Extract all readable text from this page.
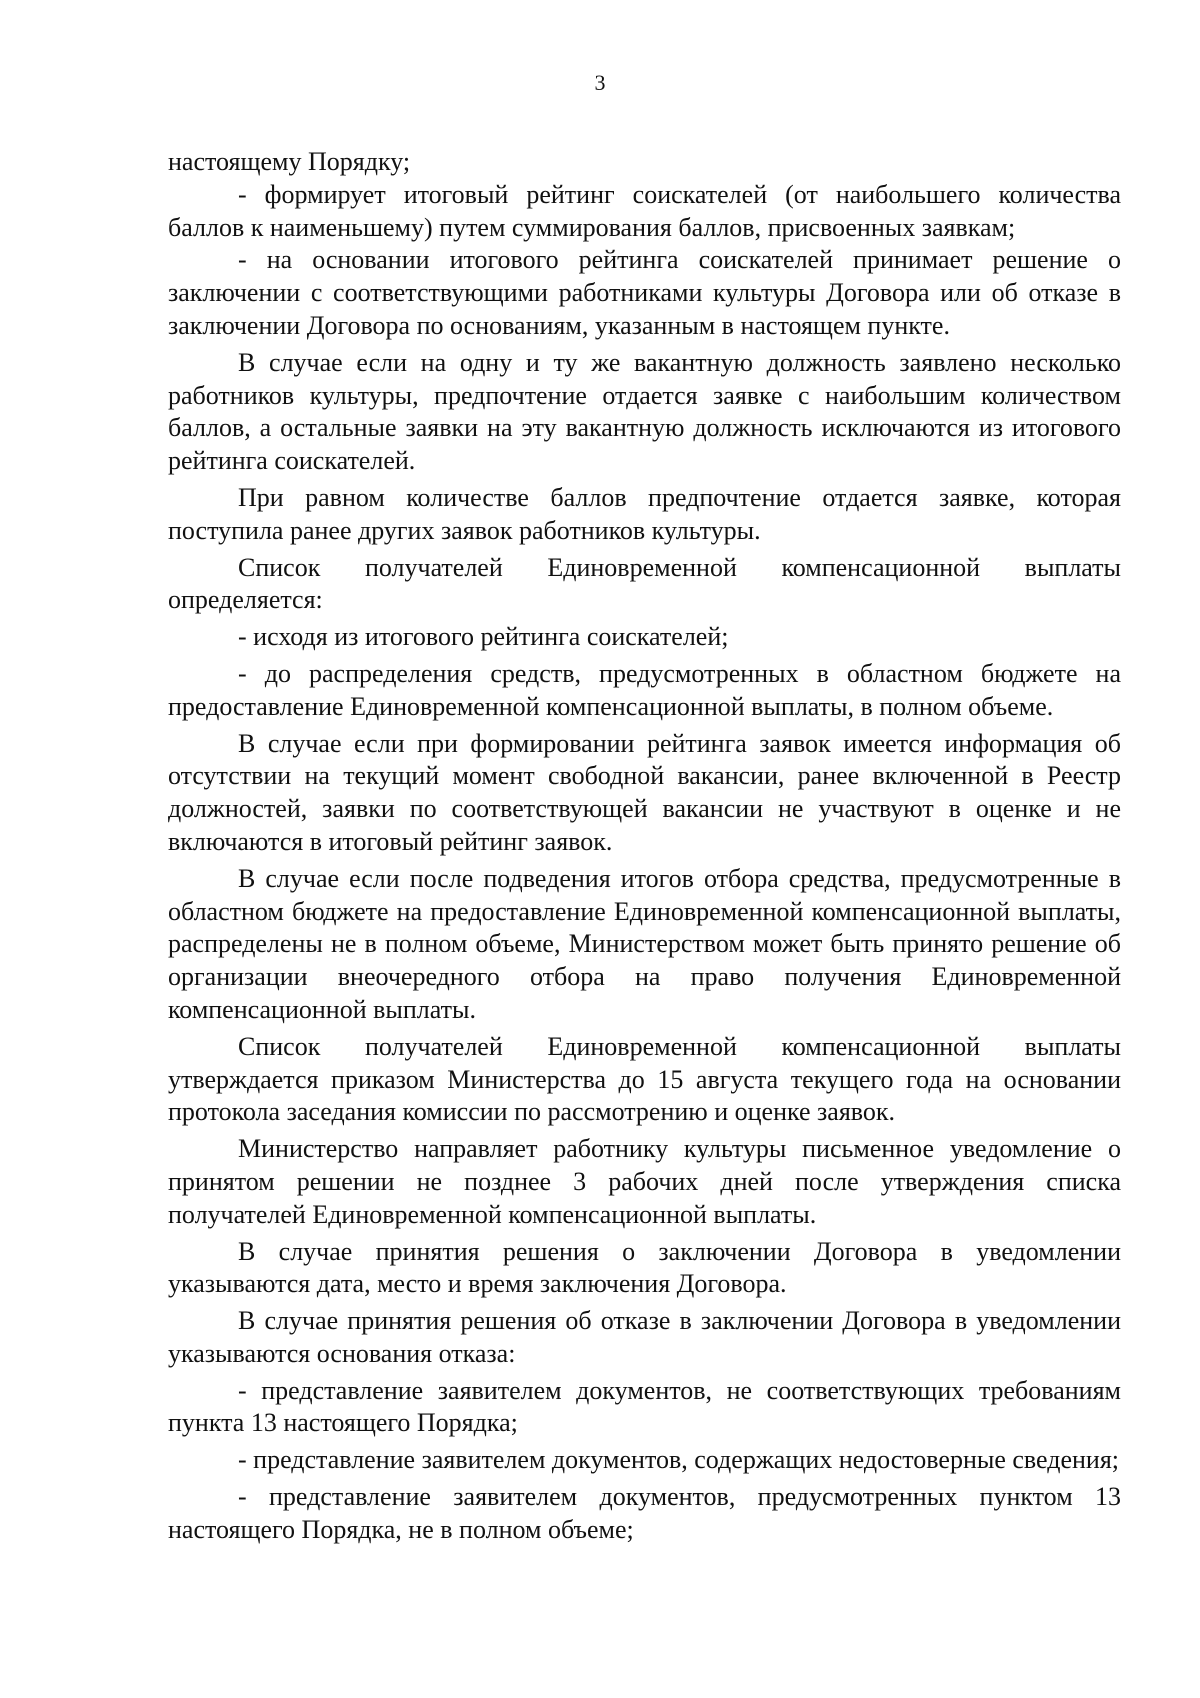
3

настоящему Порядку;

- формирует итоговый рейтинг соискателей (от наибольшего количества баллов к наименьшему) путем суммирования баллов, присвоенных заявкам;

- на основании итогового рейтинга соискателей принимает решение о заключении с соответствующими работниками культуры Договора или об отказе в заключении Договора по основаниям, указанным в настоящем пункте.

В случае если на одну и ту же вакантную должность заявлено несколько работников культуры, предпочтение отдается заявке с наибольшим количеством баллов, а остальные заявки на эту вакантную должность исключаются из итогового рейтинга соискателей.

При равном количестве баллов предпочтение отдается заявке, которая поступила ранее других заявок работников культуры.

Список получателей Единовременной компенсационной выплаты определяется:

- исходя из итогового рейтинга соискателей;

- до распределения средств, предусмотренных в областном бюджете на предоставление Единовременной компенсационной выплаты, в полном объеме.

В случае если при формировании рейтинга заявок имеется информация об отсутствии на текущий момент свободной вакансии, ранее включенной в Реестр должностей, заявки по соответствующей вакансии не участвуют в оценке и не включаются в итоговый рейтинг заявок.

В случае если после подведения итогов отбора средства, предусмотренные в областном бюджете на предоставление Единовременной компенсационной выплаты, распределены не в полном объеме, Министерством может быть принято решение об организации внеочередного отбора на право получения Единовременной компенсационной выплаты.

Список получателей Единовременной компенсационной выплаты утверждается приказом Министерства до 15 августа текущего года на основании протокола заседания комиссии по рассмотрению и оценке заявок.

Министерство направляет работнику культуры письменное уведомление о принятом решении не позднее 3 рабочих дней после утверждения списка получателей Единовременной компенсационной выплаты.

В случае принятия решения о заключении Договора в уведомлении указываются дата, место и время заключения Договора.

В случае принятия решения об отказе в заключении Договора в уведомлении указываются основания отказа:

- представление заявителем документов, не соответствующих требованиям пункта 13 настоящего Порядка;

- представление заявителем документов, содержащих недостоверные сведения;

- представление заявителем документов, предусмотренных пунктом 13 настоящего Порядка, не в полном объеме;
